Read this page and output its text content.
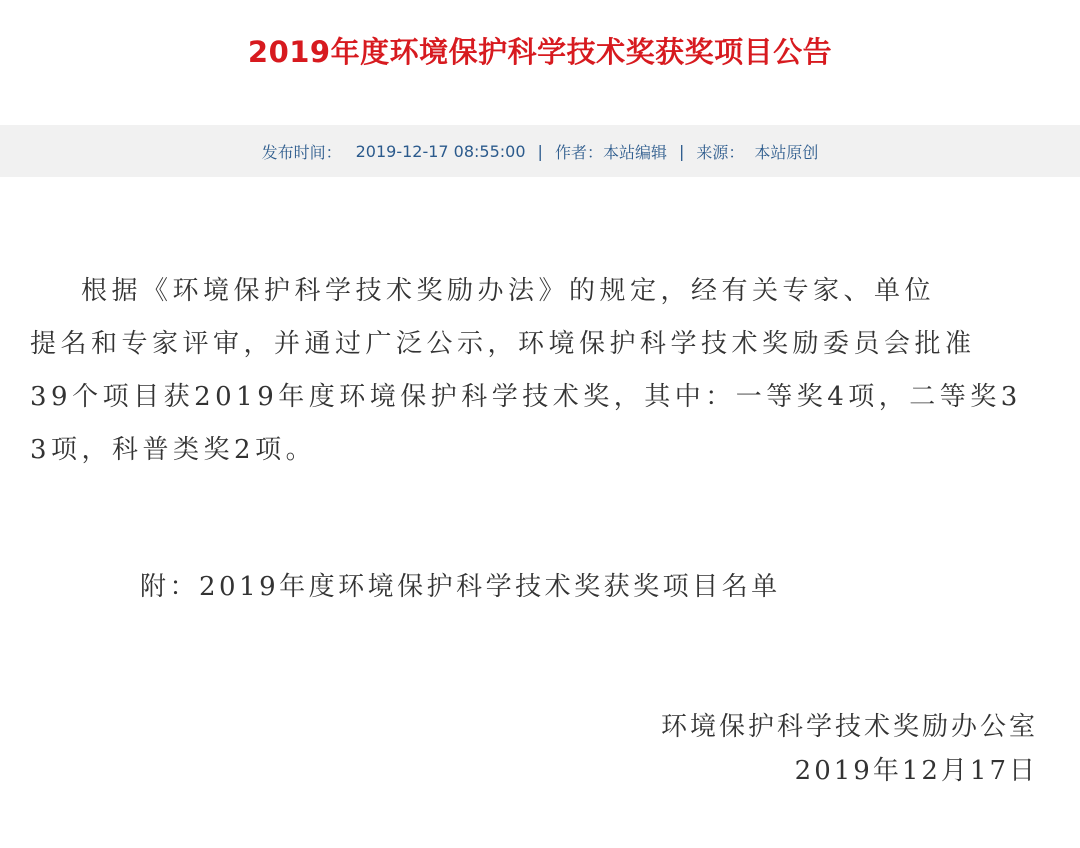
2019年度环境保护科学技术奖获奖项目公告
发布时间： 2019-12-17 08:55:00 | 作者： 本站编辑 | 来源： 本站原创
根据《环境保护科学技术奖励办法》的规定，经有关专家、单位
提名和专家评审，并通过广泛公示，环境保护科学技术奖励委员会批准
39个项目获2019年度环境保护科学技术奖，其中：一等奖4项，二等奖3
3项，科普类奖2项。
附：2019年度环境保护科学技术奖获奖项目名单
环境保护科学技术奖励办公室
2019年12月17日
